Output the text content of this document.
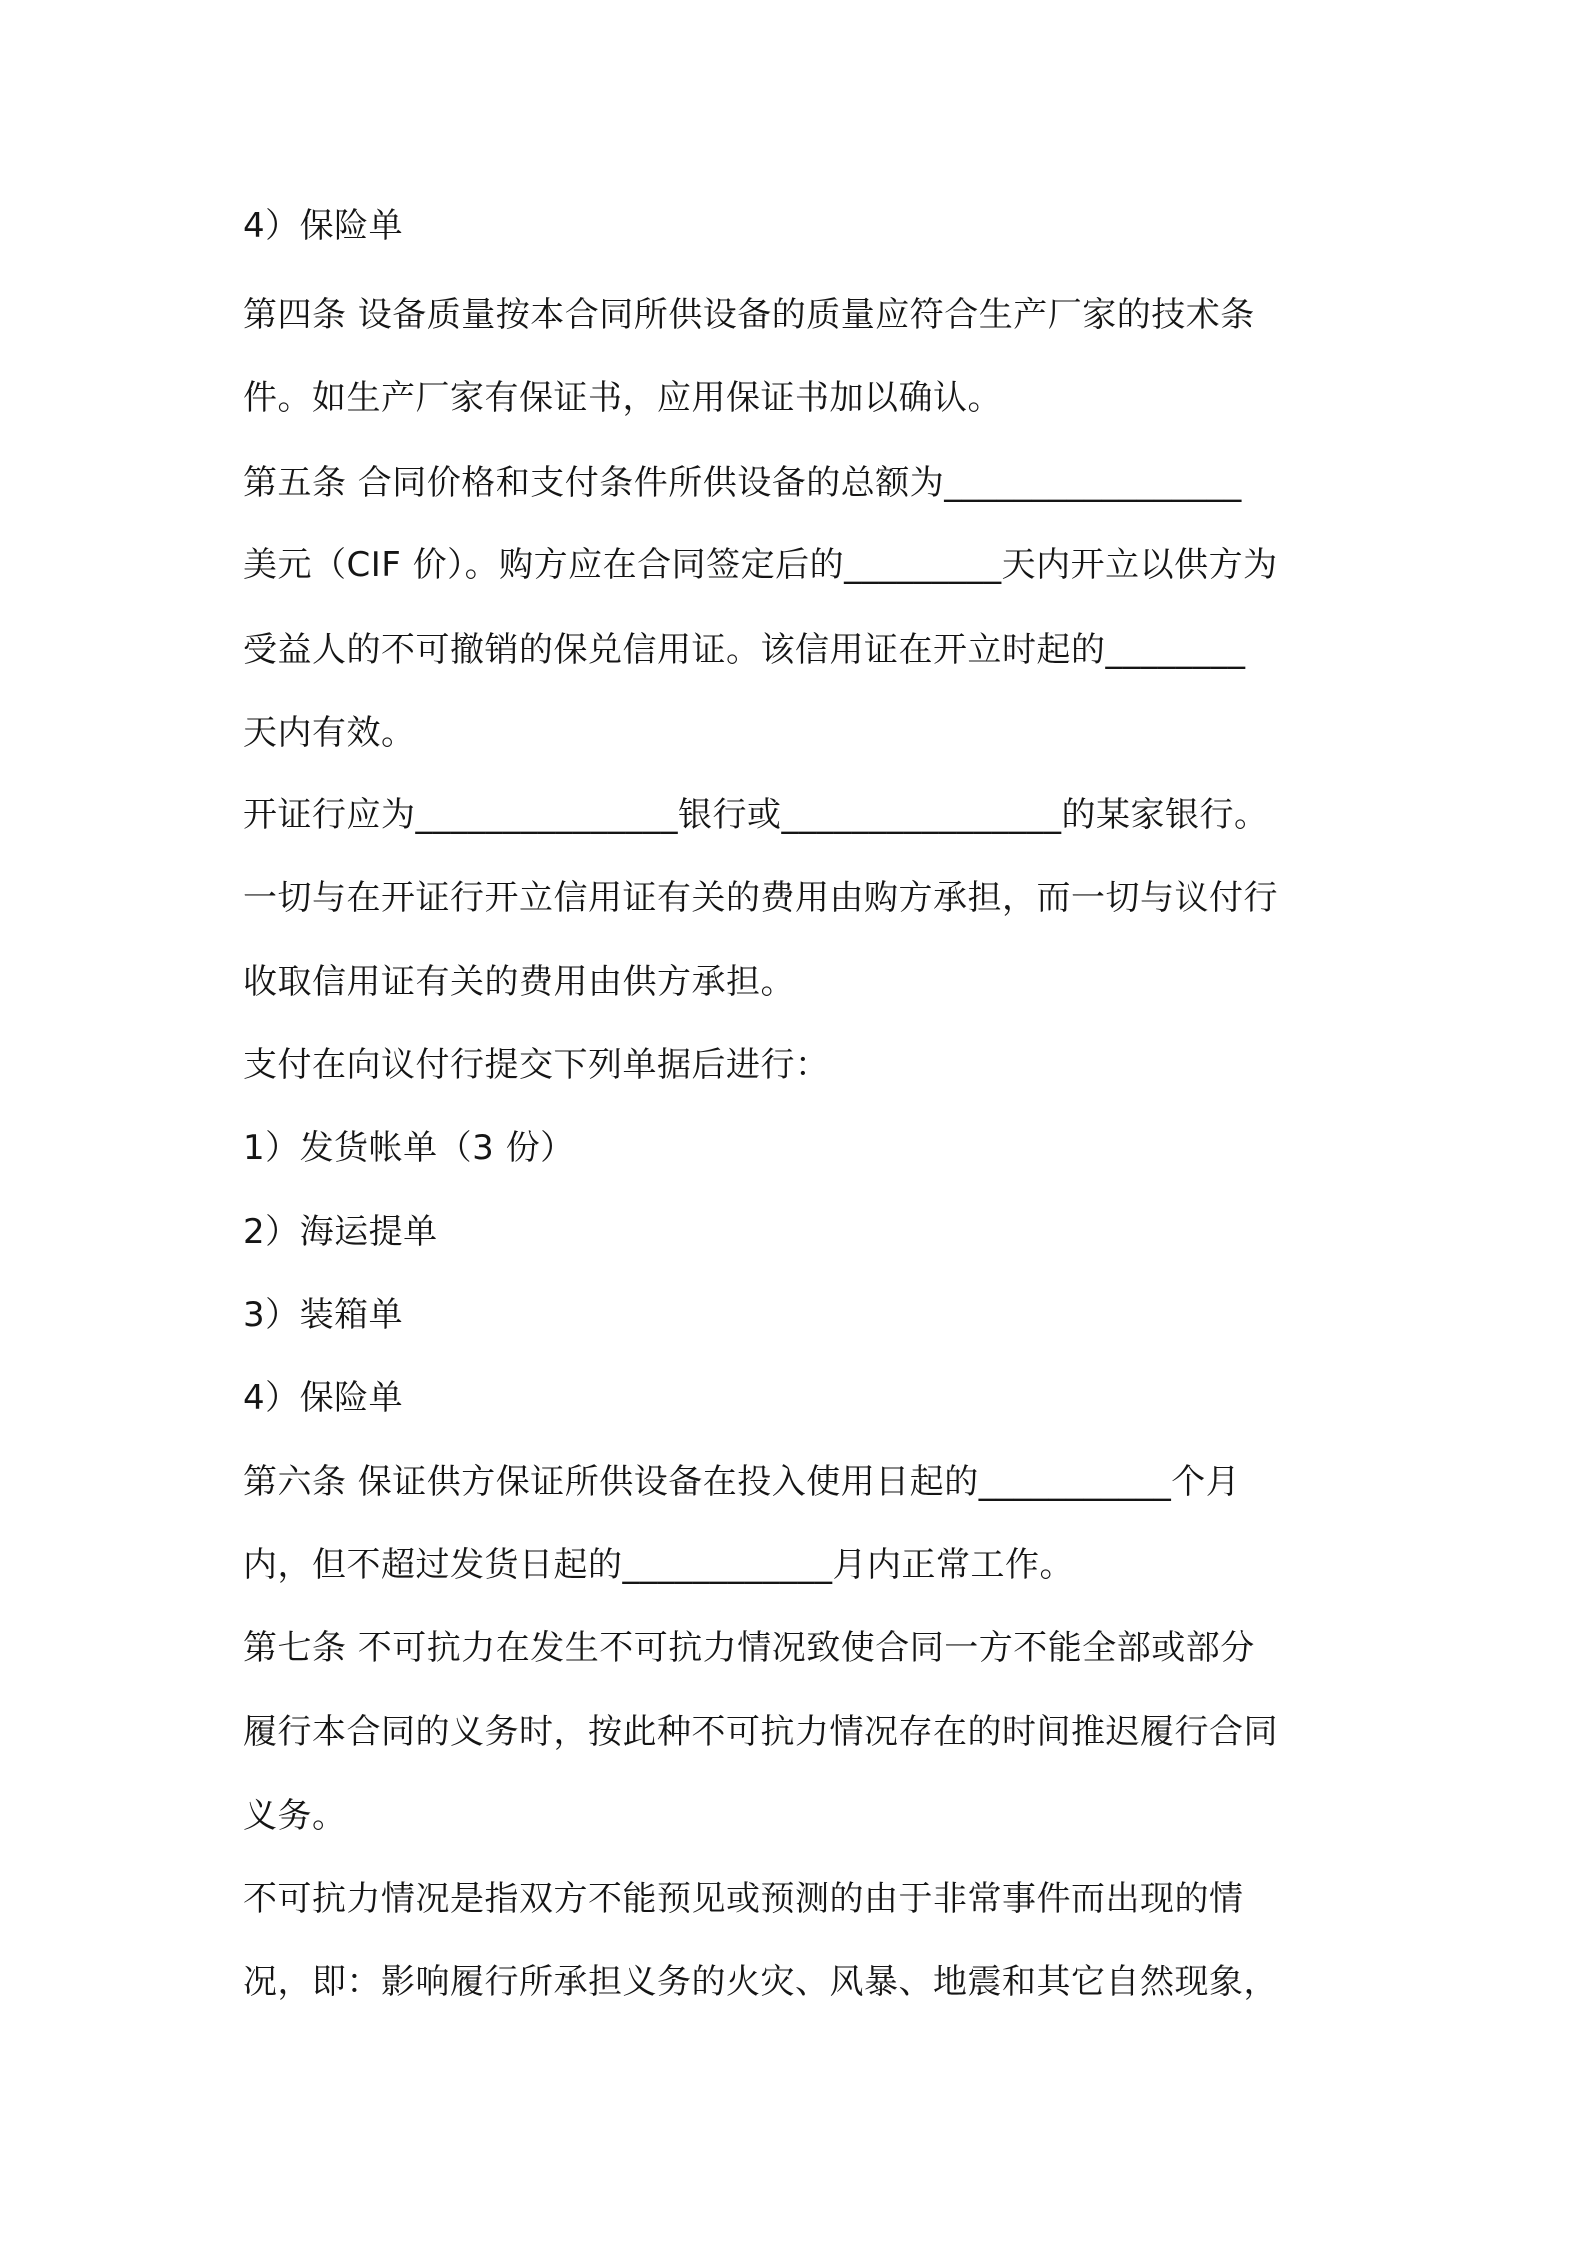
4）保险单
第四条 设备质量按本合同所供设备的质量应符合生产厂家的技术条
件。如生产厂家有保证书，应用保证书加以确认。
第五条 合同价格和支付条件所供设备的总额为_________________
美元（CIF 价）。购方应在合同签定后的_________天内开立以供方为
受益人的不可撤销的保兑信用证。该信用证在开立时起的________
天内有效。
开证行应为_______________银行或________________的某家银行。
一切与在开证行开立信用证有关的费用由购方承担，而一切与议付行
收取信用证有关的费用由供方承担。
支付在向议付行提交下列单据后进行：
1）发货帐单（3 份）
2）海运提单
3）装箱单
4）保险单
第六条 保证供方保证所供设备在投入使用日起的___________个月
内，但不超过发货日起的____________月内正常工作。
第七条 不可抗力在发生不可抗力情况致使合同一方不能全部或部分
履行本合同的义务时，按此种不可抗力情况存在的时间推迟履行合同
义务。
不可抗力情况是指双方不能预见或预测的由于非常事件而出现的情
况，即：影响履行所承担义务的火灾、风暴、地震和其它自然现象，
